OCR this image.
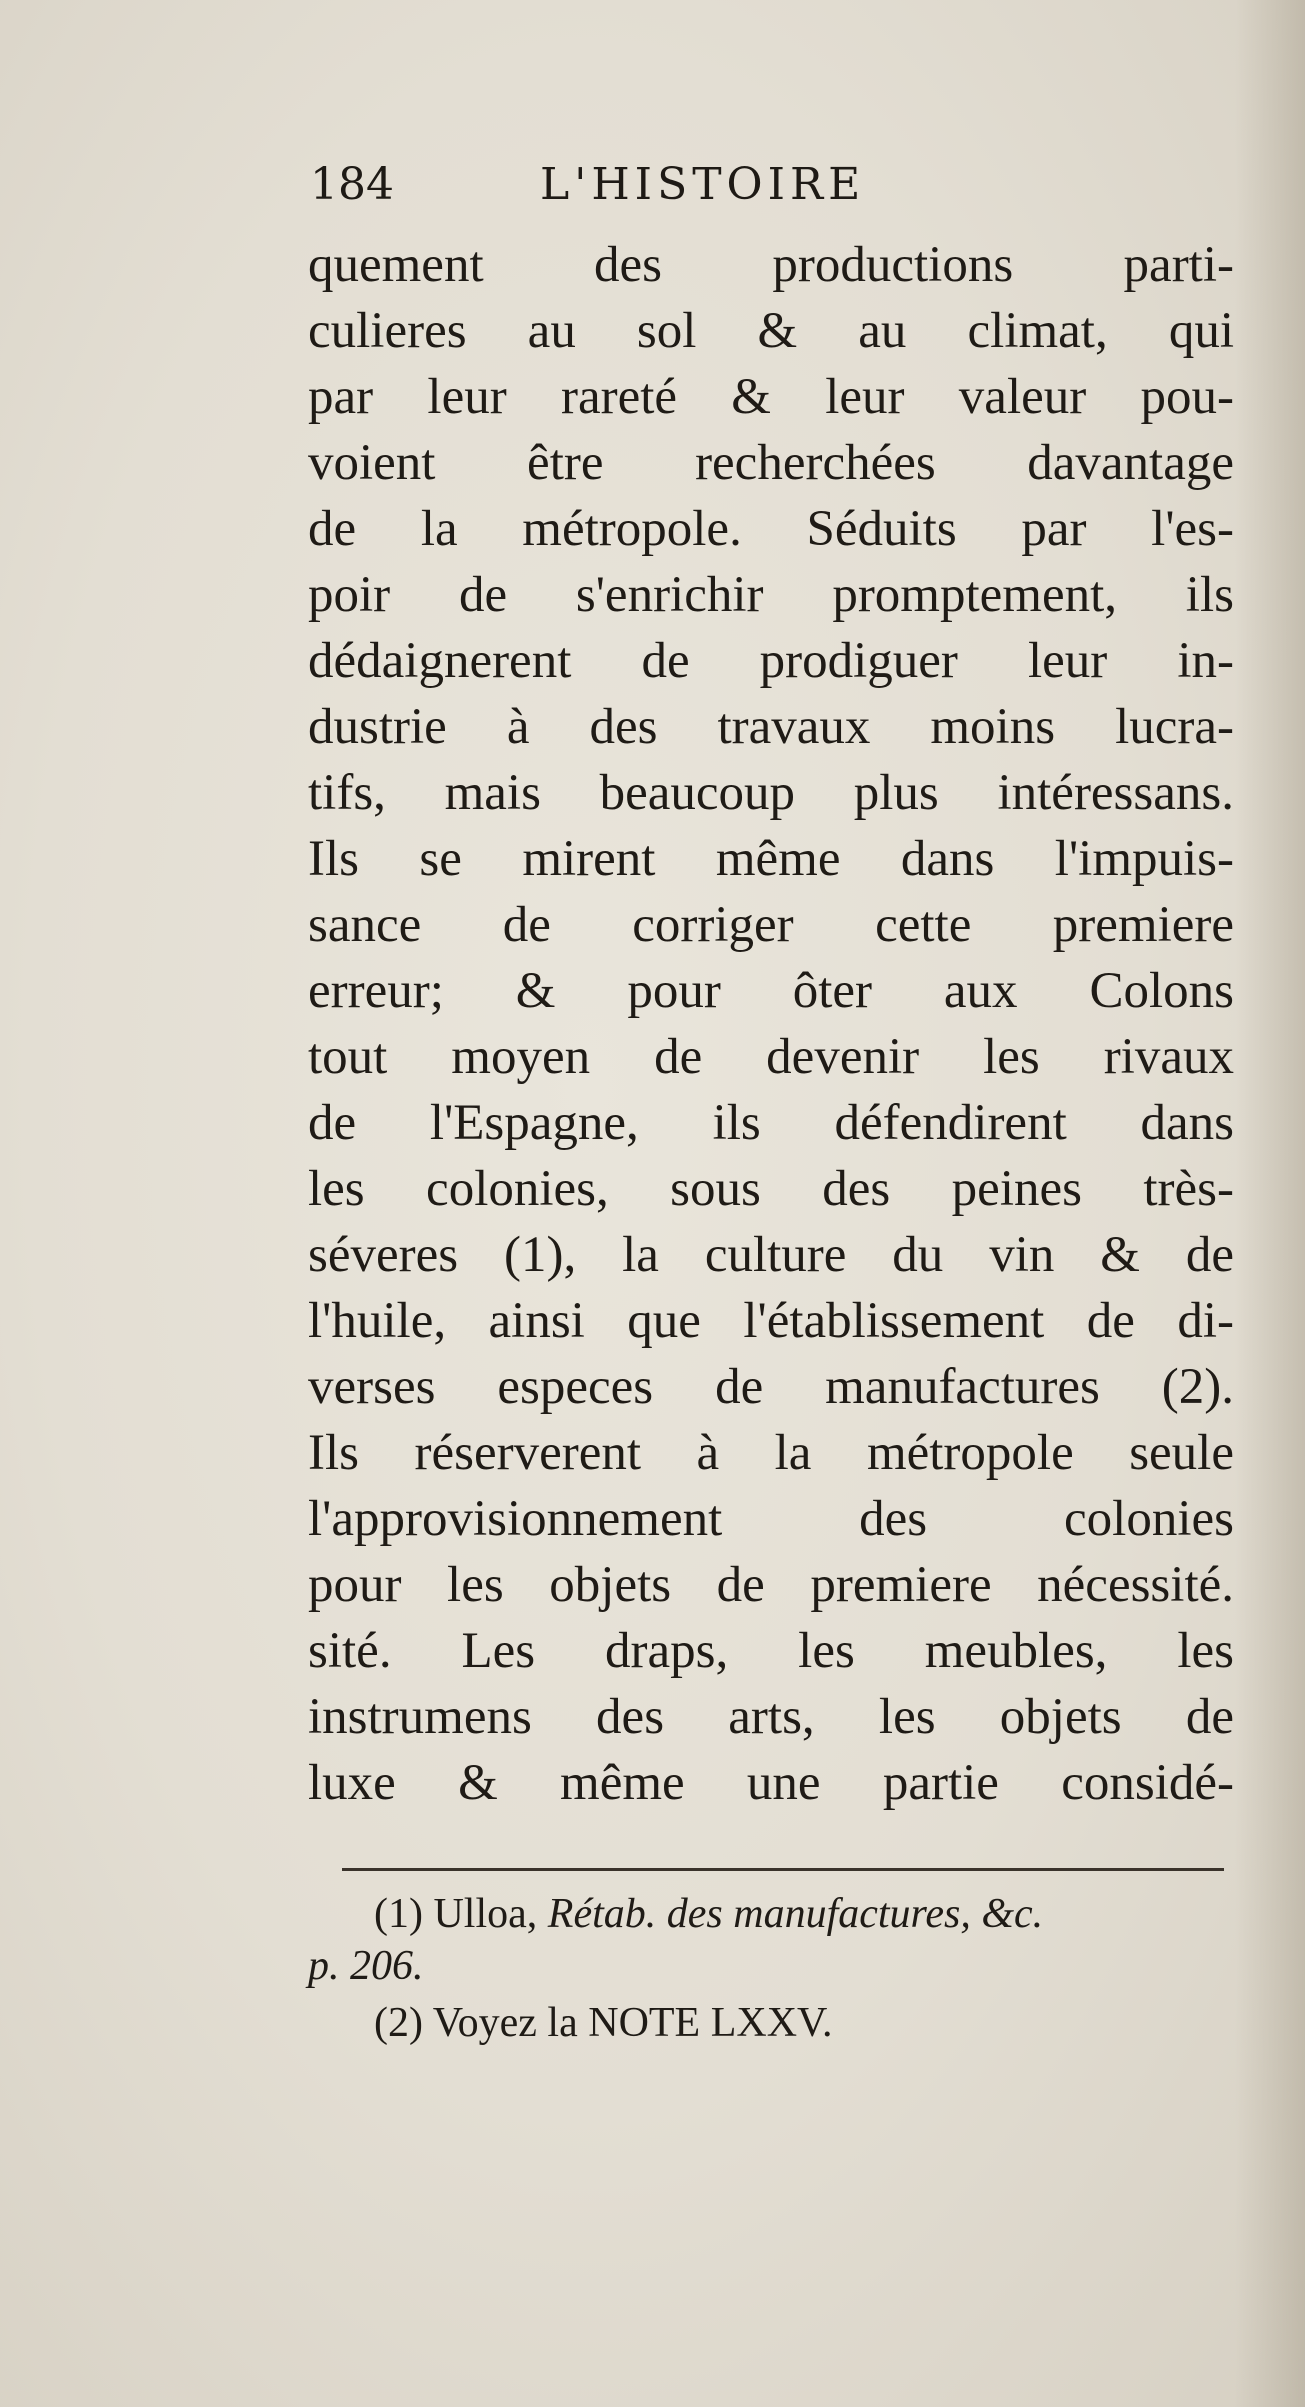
184	L'HISTOIRE
quement des productions parti-
culieres au sol & au climat, qui
par leur rareté & leur valeur pou-
voient être recherchées davantage
de la métropole. Séduits par l'es-
poir de s'enrichir promptement, ils
dédaignerent de prodiguer leur in-
dustrie à des travaux moins lucra-
tifs, mais beaucoup plus intéressans.
Ils se mirent même dans l'impuis-
sance de corriger cette premiere
erreur; & pour ôter aux Colons
tout moyen de devenir les rivaux
de l'Espagne, ils défendirent dans
les colonies, sous des peines très-
séveres (1), la culture du vin & de
l'huile, ainsi que l'établissement de di-
verses especes de manufactures (2).
Ils réserverent à la métropole seule
l'approvisionnement des colonies
pour les objets de premiere nécessité.
sité. Les draps, les meubles, les
instrumens des arts, les objets de
luxe & même une partie considé-
(1) Ulloa, Rétab. des manufactures, &c.
p. 206.
(2) Voyez la NOTE LXXV.
